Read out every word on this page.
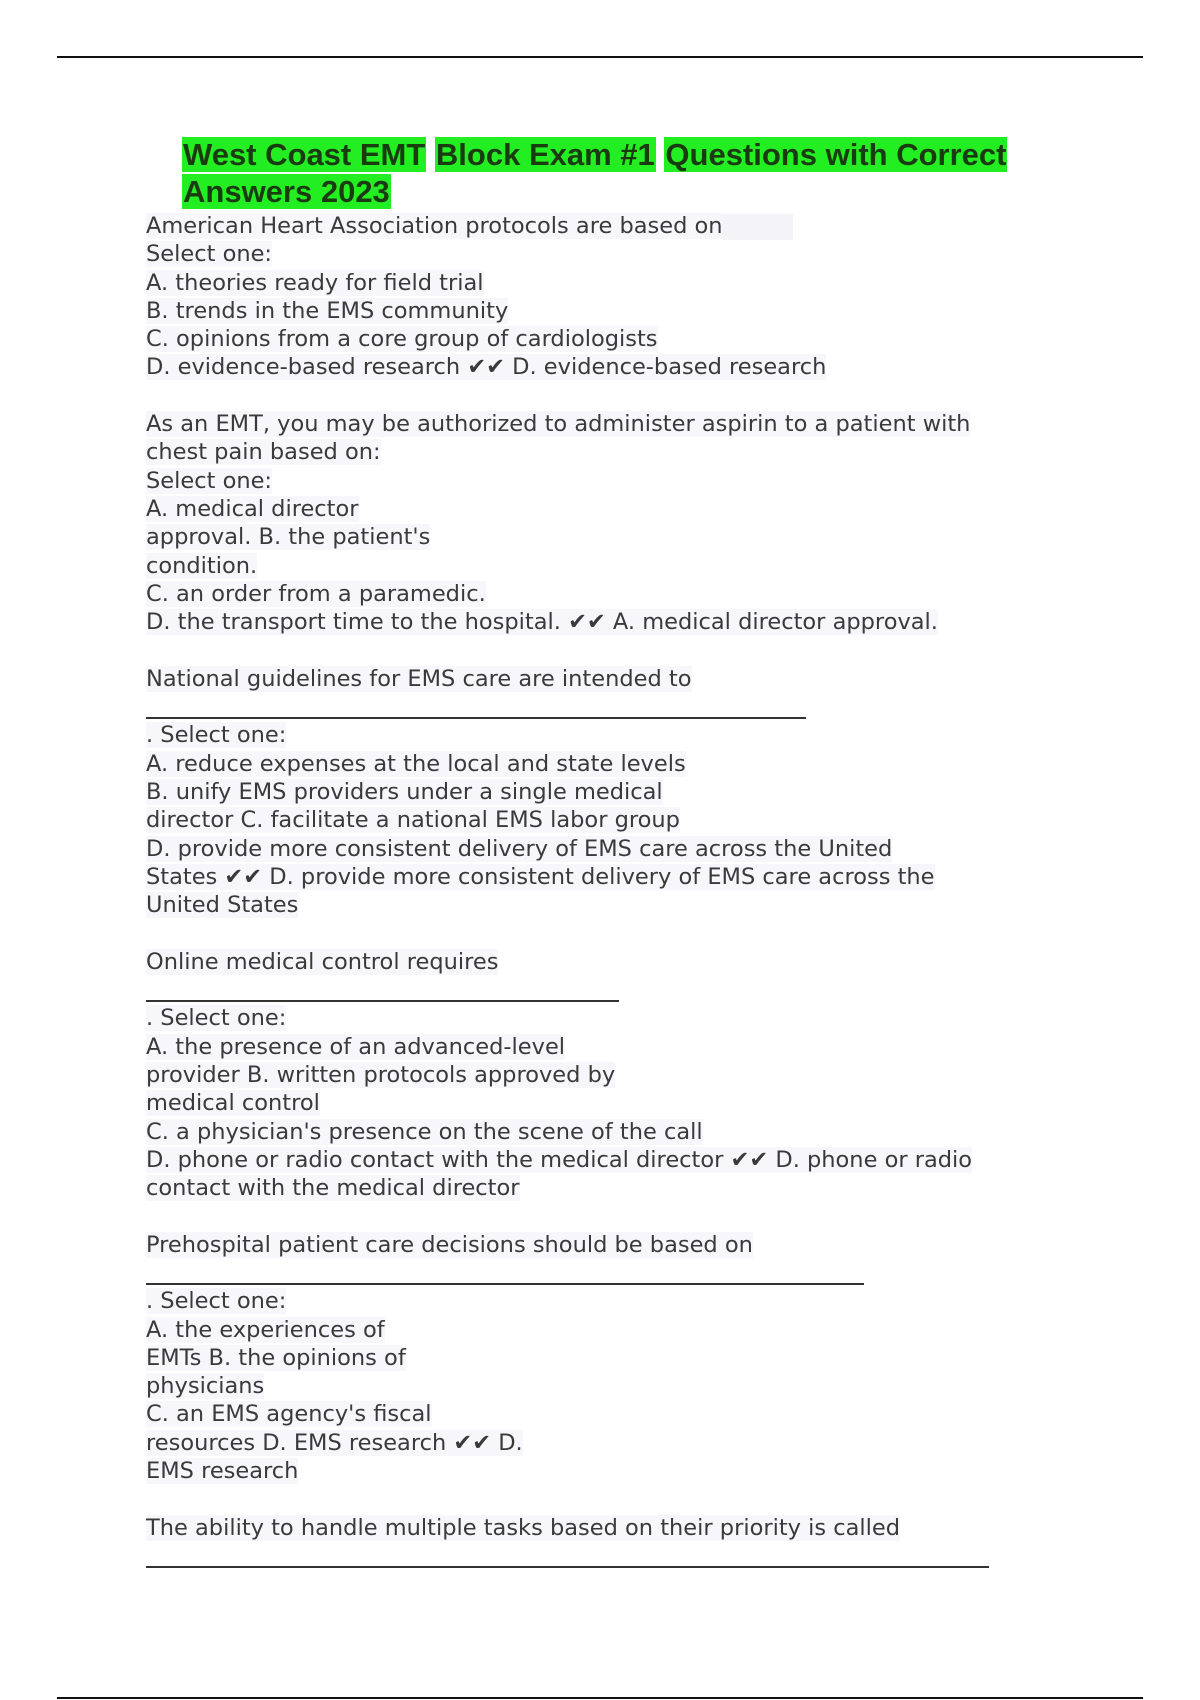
West Coast EMT Block Exam #1 Questions with Correct
Answers 2023
American Heart Association protocols are based on
Select one:
A. theories ready for field trial
B. trends in the EMS community
C. opinions from a core group of cardiologists
D. evidence-based research ✔✔ D. evidence-based research
As an EMT, you may be authorized to administer aspirin to a patient with
chest pain based on:
Select one:
A. medical director
approval. B. the patient's
condition.
C. an order from a paramedic.
D. the transport time to the hospital. ✔✔ A. medical director approval.
National guidelines for EMS care are intended to
. Select one:
A. reduce expenses at the local and state levels
B. unify EMS providers under a single medical
director C. facilitate a national EMS labor group
D. provide more consistent delivery of EMS care across the United
States ✔✔ D. provide more consistent delivery of EMS care across the
United States
Online medical control requires
. Select one:
A. the presence of an advanced-level
provider B. written protocols approved by
medical control
C. a physician's presence on the scene of the call
D. phone or radio contact with the medical director ✔✔ D. phone or radio
contact with the medical director
Prehospital patient care decisions should be based on
. Select one:
A. the experiences of
EMTs B. the opinions of
physicians
C. an EMS agency's fiscal
resources D. EMS research ✔✔ D.
EMS research
The ability to handle multiple tasks based on their priority is called
